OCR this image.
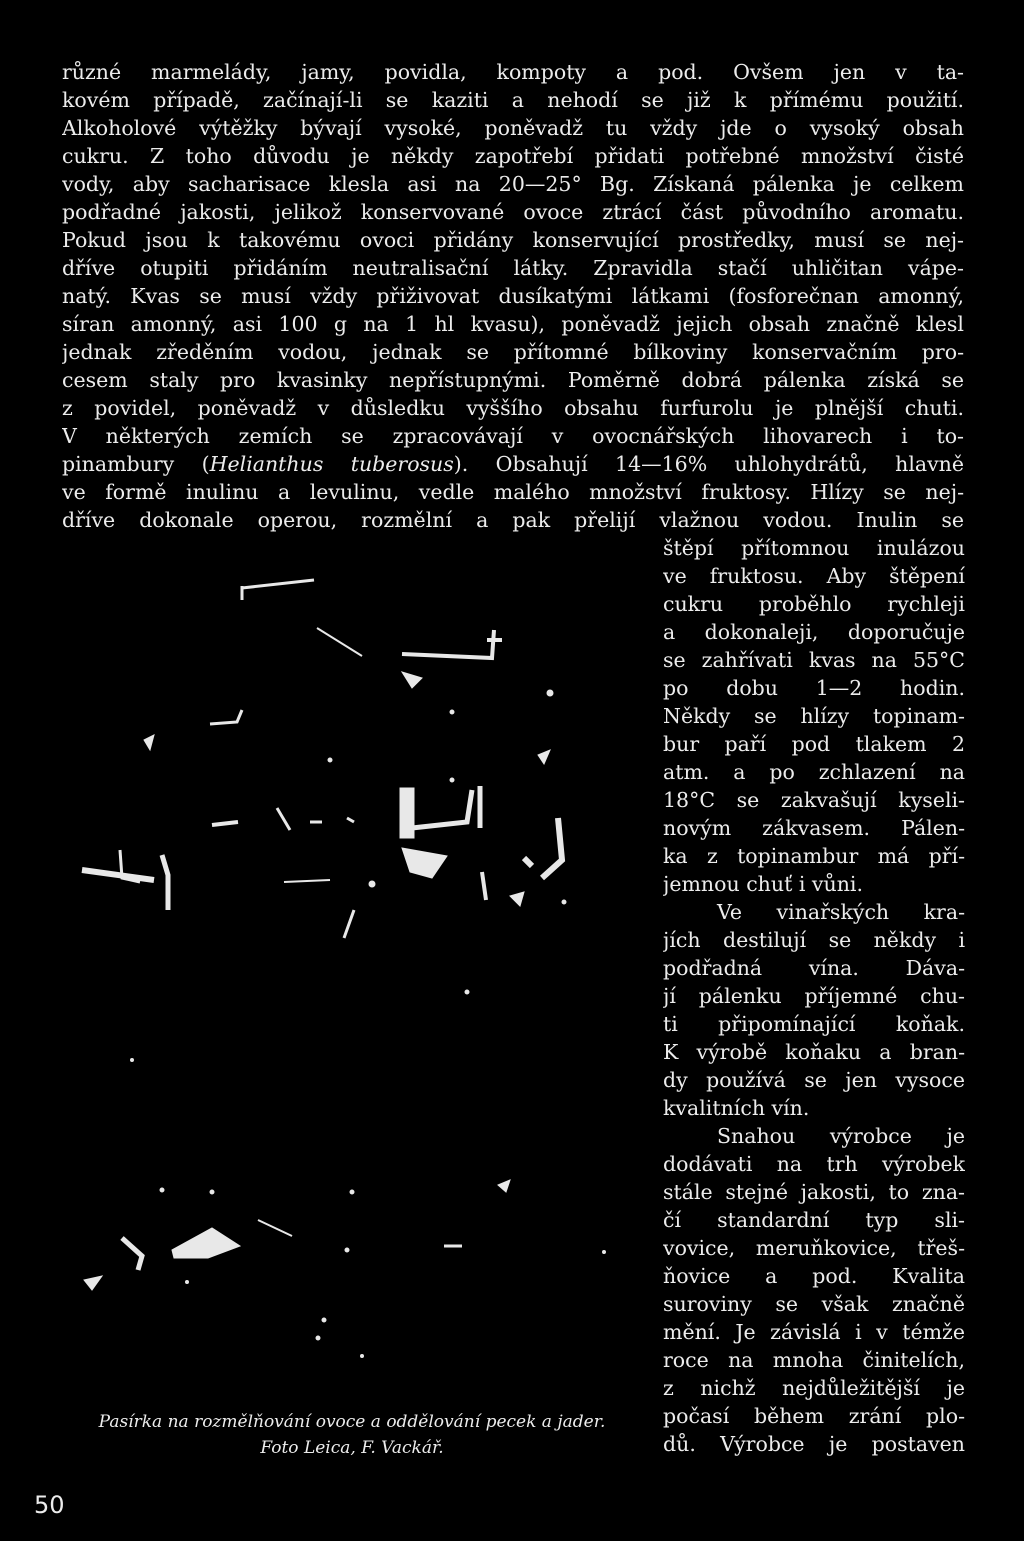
různé marmelády, jamy, povidla, kompoty a pod. Ovšem jen v ta-
kovém případě, začínají-li se kaziti a nehodí se již k přímému použití.
Alkoholové výtěžky bývají vysoké, poněvadž tu vždy jde o vysoký obsah
cukru. Z toho důvodu je někdy zapotřebí přidati potřebné množství čisté
vody, aby sacharisace klesla asi na 20—25° Bg. Získaná pálenka je celkem
podřadné jakosti, jelikož konservované ovoce ztrácí část původního aromatu.
Pokud jsou k takovému ovoci přidány konservující prostředky, musí se nej-
dříve otupiti přidáním neutralisační látky. Zpravidla stačí uhličitan vápe-
natý. Kvas se musí vždy přiživovat dusíkatými látkami (fosforečnan amonný,
síran amonný, asi 100 g na 1 hl kvasu), poněvadž jejich obsah značně klesl
jednak zředěním vodou, jednak se přítomné bílkoviny konservačním pro-
cesem staly pro kvasinky nepřístupnými. Poměrně dobrá pálenka získá se
z povidel, poněvadž v důsledku vyššího obsahu furfurolu je plnější chuti.
V některých zemích se zpracovávají v ovocnářských lihovarech i to-
pinambury (Helianthus tuberosus). Obsahují 14—16% uhlohydrátů, hlavně
ve formě inulinu a levulinu, vedle malého množství fruktosy. Hlízy se nej-
dříve dokonale operou, rozmělní a pak přelijí vlažnou vodou. Inulin se
štěpí přítomnou inulázou
ve fruktosu. Aby štěpení
cukru proběhlo rychleji
a dokonaleji, doporučuje
se zahřívati kvas na 55°C
po dobu 1—2 hodin.
Někdy se hlízy topinam-
bur paří pod tlakem 2
atm. a po zchlazení na
18°C se zakvašují kyseli-
novým zákvasem. Pálen-
ka z topinambur má pří-
jemnou chuť i vůni.
Ve vinařských kra-
jích destilují se někdy i
podřadná vína. Dáva-
jí pálenku příjemné chu-
ti připomínající koňak.
K výrobě koňaku a bran-
dy používá se jen vysoce
kvalitních vín.
Snahou výrobce je
dodávati na trh výrobek
stále stejné jakosti, to zna-
čí standardní typ sli-
vovice, meruňkovice, třeš-
ňovice a pod. Kvalita
suroviny se však značně
mění. Je závislá i v témže
roce na mnoha činitelích,
z nichž nejdůležitější je
počasí během zrání plo-
dů. Výrobce je postaven
Pasírka na rozmělňování ovoce a oddělování pecek a jader.
Foto Leica, F. Vackář.
50
